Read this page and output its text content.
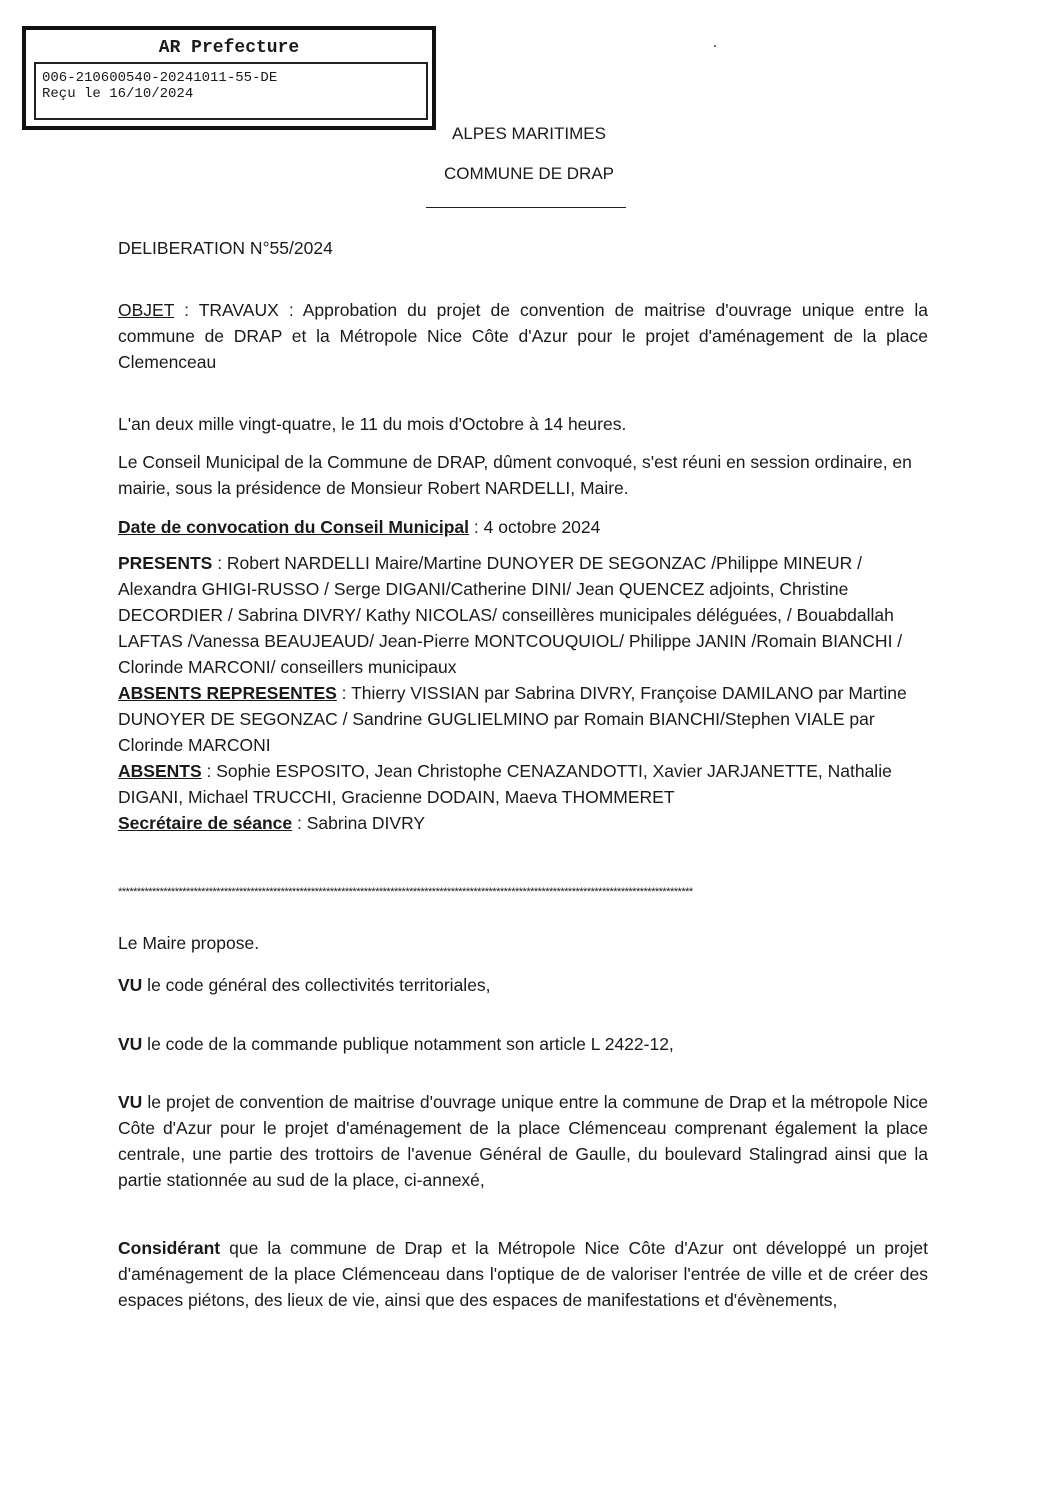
AR Prefecture
006-210600540-20241011-55-DE
Reçu le 16/10/2024
ALPES MARITIMES
COMMUNE DE DRAP

DELIBERATION N°55/2024

OBJET : TRAVAUX : Approbation du projet de convention de maitrise d'ouvrage unique entre la commune de DRAP et la Métropole Nice Côte d'Azur pour le projet d'aménagement de la place Clemenceau

L'an deux mille vingt-quatre, le 11 du mois d'Octobre à 14 heures.

Le Conseil Municipal de la Commune de DRAP, dûment convoqué, s'est réuni en session ordinaire, en mairie, sous la présidence de Monsieur Robert NARDELLI, Maire.

Date de convocation du Conseil Municipal : 4 octobre 2024

PRESENTS : Robert NARDELLI Maire/Martine DUNOYER DE SEGONZAC /Philippe MINEUR / Alexandra GHIGI-RUSSO / Serge DIGANI/Catherine DINI/ Jean QUENCEZ adjoints, Christine DECORDIER / Sabrina DIVRY/ Kathy NICOLAS/ conseillères municipales déléguées, / Bouabdallah LAFTAS /Vanessa BEAUJEAUD/ Jean-Pierre MONTCOUQUIOL/ Philippe JANIN /Romain BIANCHI / Clorinde MARCONI/ conseillers municipaux
ABSENTS REPRESENTES : Thierry VISSIAN par Sabrina DIVRY, Françoise DAMILANO par Martine DUNOYER DE SEGONZAC / Sandrine GUGLIELMINO par Romain BIANCHI/Stephen VIALE par Clorinde MARCONI
ABSENTS : Sophie ESPOSITO, Jean Christophe CENAZANDOTTI, Xavier JARJANETTE, Nathalie DIGANI, Michael TRUCCHI, Gracienne DODAIN, Maeva THOMMERET
Secrétaire de séance : Sabrina DIVRY
********************************************************************************************************************************************************

Le Maire propose.

VU le code général des collectivités territoriales,

VU le code de la commande publique notamment son article L 2422-12,

VU le projet de convention de maitrise d'ouvrage unique entre la commune de Drap et la métropole Nice Côte d'Azur pour le projet d'aménagement de la place Clémenceau comprenant également la place centrale, une partie des trottoirs de l'avenue Général de Gaulle, du boulevard Stalingrad ainsi que la partie stationnée au sud de la place, ci-annexé,

Considérant que la commune de Drap et la Métropole Nice Côte d'Azur ont développé un projet d'aménagement de la place Clémenceau dans l'optique de de valoriser l'entrée de ville et de créer des espaces piétons, des lieux de vie, ainsi que des espaces de manifestations et d'évènements,
